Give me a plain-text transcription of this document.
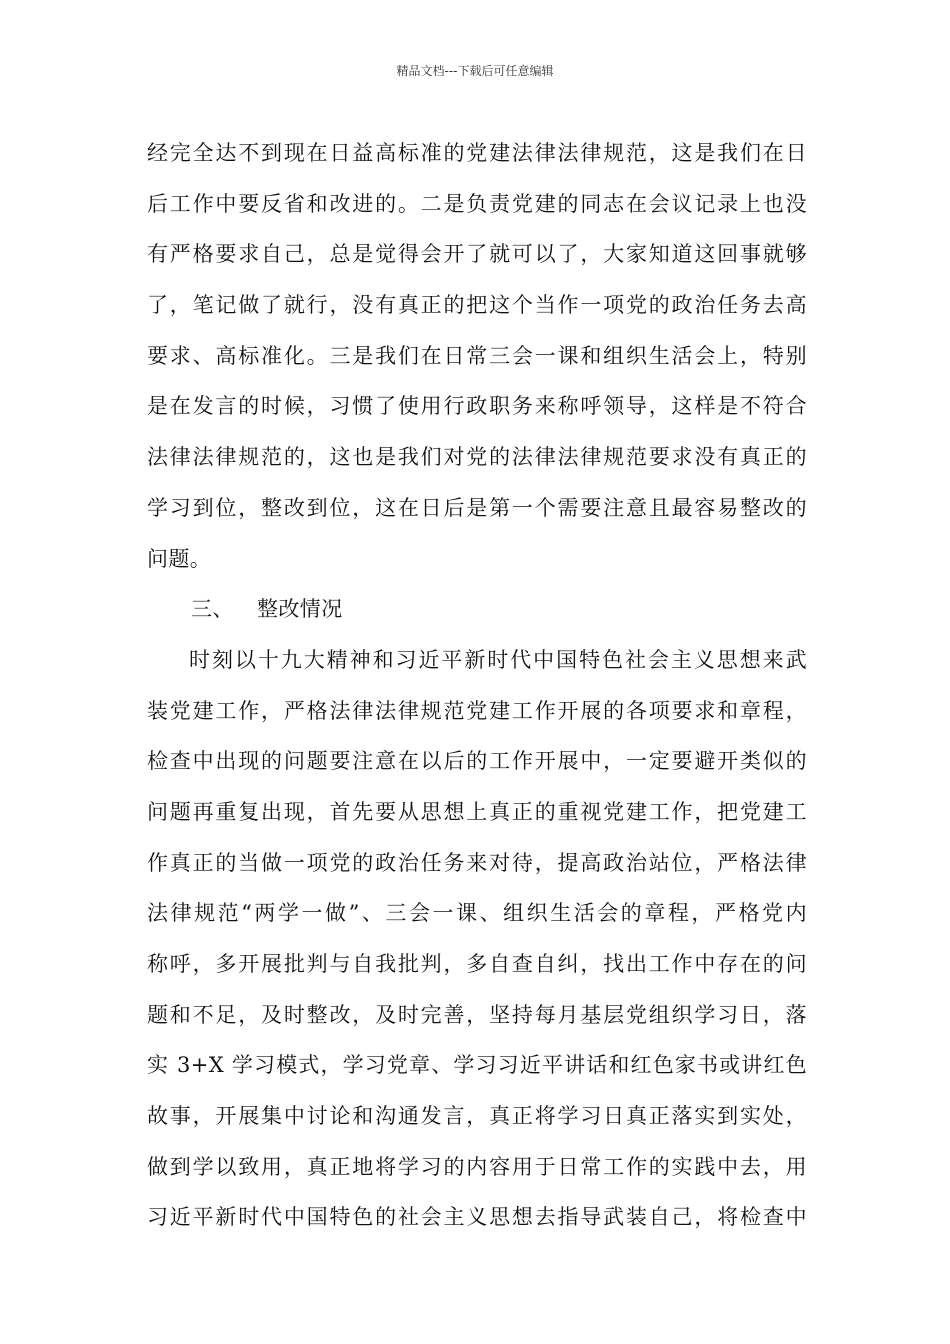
精品文档---下载后可任意编辑
经完全达不到现在日益高标准的党建法律法律规范，这是我们在日
后工作中要反省和改进的。二是负责党建的同志在会议记录上也没
有严格要求自己，总是觉得会开了就可以了，大家知道这回事就够
了，笔记做了就行，没有真正的把这个当作一项党的政治任务去高
要求、高标准化。三是我们在日常三会一课和组织生活会上，特别
是在发言的时候，习惯了使用行政职务来称呼领导，这样是不符合
法律法律规范的，这也是我们对党的法律法律规范要求没有真正的
学习到位，整改到位，这在日后是第一个需要注意且最容易整改的
问题。
三、 整改情况
时刻以十九大精神和习近平新时代中国特色社会主义思想来武
装党建工作，严格法律法律规范党建工作开展的各项要求和章程，
检查中出现的问题要注意在以后的工作开展中，一定要避开类似的
问题再重复出现，首先要从思想上真正的重视党建工作，把党建工
作真正的当做一项党的政治任务来对待，提高政治站位，严格法律
法律规范“两学一做”、三会一课、组织生活会的章程，严格党内
称呼，多开展批判与自我批判，多自查自纠，找出工作中存在的问
题和不足，及时整改，及时完善，坚持每月基层党组织学习日，落
实 3+X 学习模式，学习党章、学习习近平讲话和红色家书或讲红色
故事，开展集中讨论和沟通发言，真正将学习日真正落实到实处，
做到学以致用，真正地将学习的内容用于日常工作的实践中去，用
习近平新时代中国特色的社会主义思想去指导武装自己，将检查中
